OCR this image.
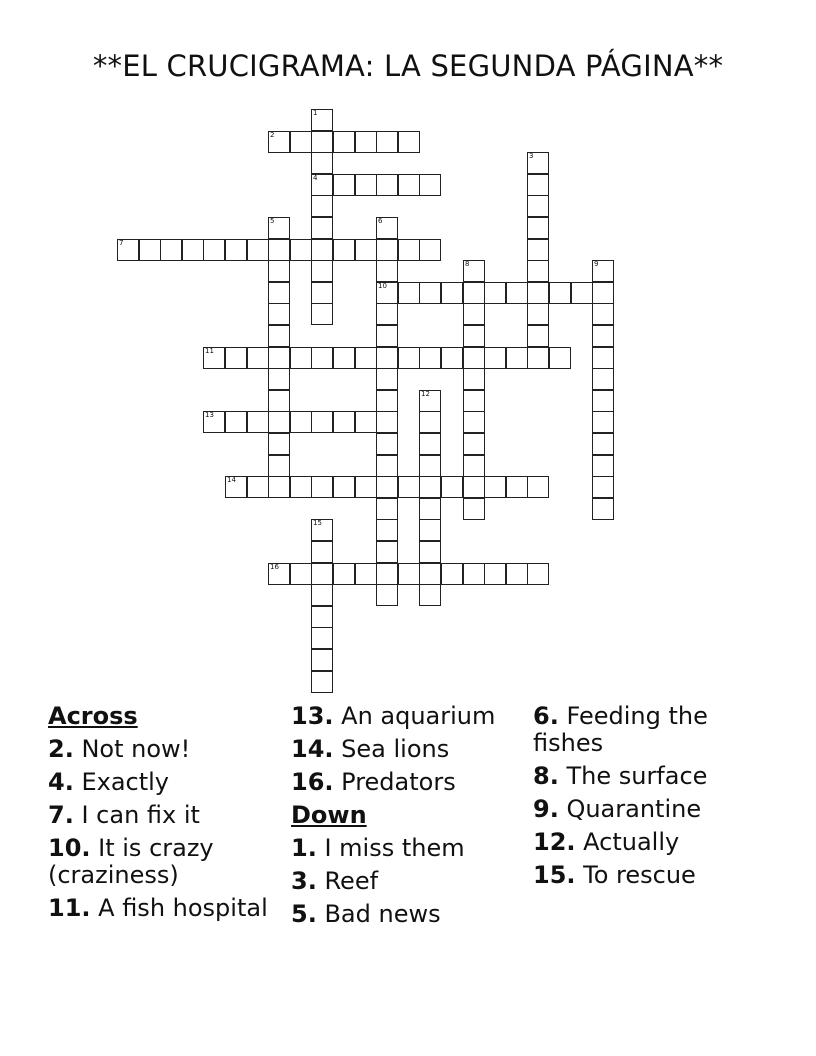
**EL CRUCIGRAMA: LA SEGUNDA PÁGINA**
1
4
2
3
5	6
10
7
8	9
11
12
13
14
15
16
Across
2. Not now!
4. Exactly
7. I can fix it
10. It is crazy (craziness)
11. A fish hospital
13. An aquarium
14. Sea lions
16. Predators
Down
1. I miss them
3. Reef
5. Bad news
6. Feeding the fishes
8. The surface
9. Quarantine
12. Actually
15. To rescue
